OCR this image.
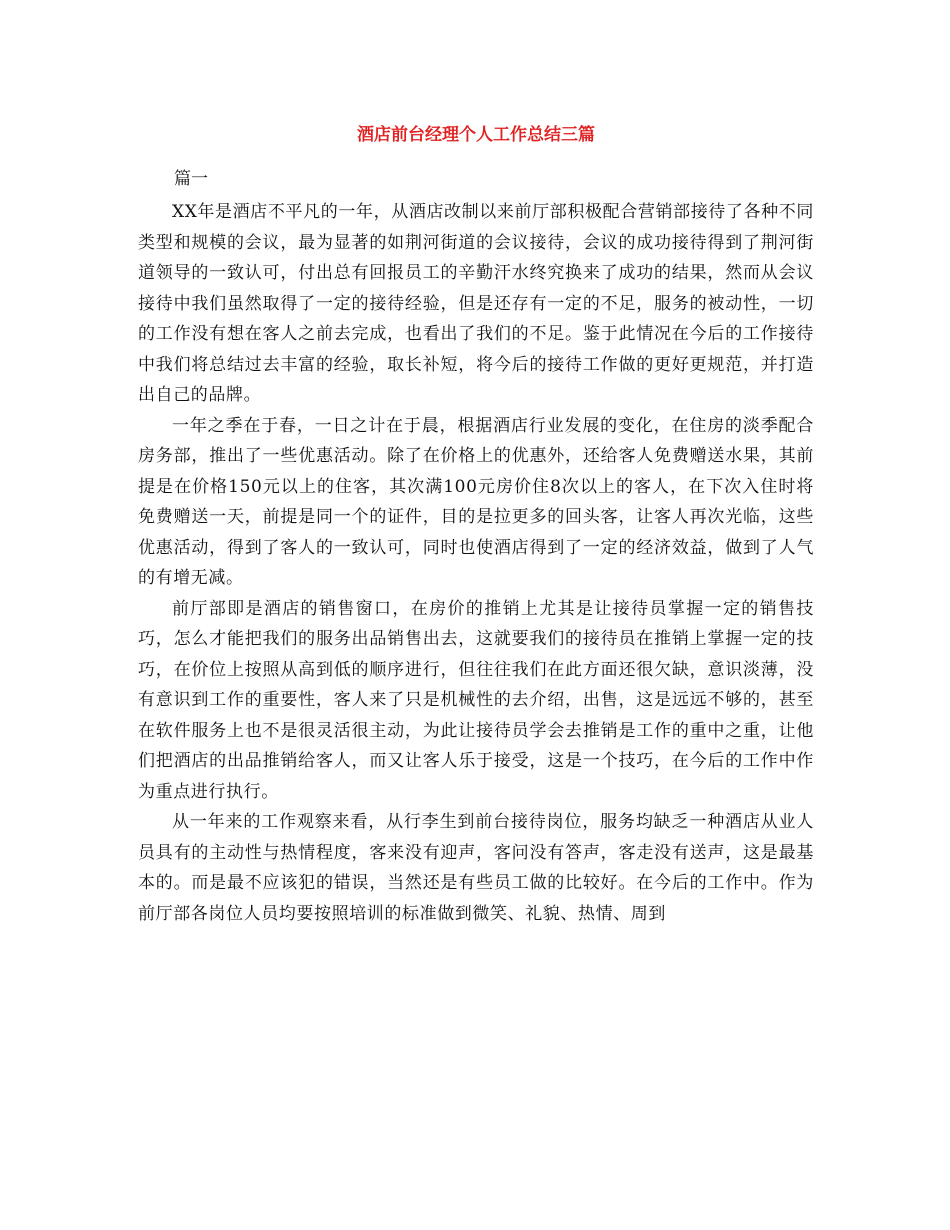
酒店前台经理个人工作总结三篇

篇一

XX年是酒店不平凡的一年，从酒店改制以来前厅部积极配合营销部接待了各种不同类型和规模的会议，最为显著的如荆河街道的会议接待，会议的成功接待得到了荆河街道领导的一致认可，付出总有回报员工的辛勤汗水终究换来了成功的结果，然而从会议接待中我们虽然取得了一定的接待经验，但是还存有一定的不足，服务的被动性，一切的工作没有想在客人之前去完成，也看出了我们的不足。鉴于此情况在今后的工作接待中我们将总结过去丰富的经验，取长补短，将今后的接待工作做的更好更规范，并打造出自己的品牌。

一年之季在于春，一日之计在于晨，根据酒店行业发展的变化，在住房的淡季配合房务部，推出了一些优惠活动。除了在价格上的优惠外，还给客人免费赠送水果，其前提是在价格150元以上的住客，其次满100元房价住8次以上的客人，在下次入住时将免费赠送一天，前提是同一个的证件，目的是拉更多的回头客，让客人再次光临，这些优惠活动，得到了客人的一致认可，同时也使酒店得到了一定的经济效益，做到了人气的有增无减。

前厅部即是酒店的销售窗口，在房价的推销上尤其是让接待员掌握一定的销售技巧，怎么才能把我们的服务出品销售出去，这就要我们的接待员在推销上掌握一定的技巧，在价位上按照从高到低的顺序进行，但往往我们在此方面还很欠缺，意识淡薄，没有意识到工作的重要性，客人来了只是机械性的去介绍，出售，这是远远不够的，甚至在软件服务上也不是很灵活很主动，为此让接待员学会去推销是工作的重中之重，让他们把酒店的出品推销给客人，而又让客人乐于接受，这是一个技巧，在今后的工作中作为重点进行执行。

从一年来的工作观察来看，从行李生到前台接待岗位，服务均缺乏一种酒店从业人员具有的主动性与热情程度，客来没有迎声，客问没有答声，客走没有送声，这是最基本的。而是最不应该犯的错误，当然还是有些员工做的比较好。在今后的工作中。作为前厅部各岗位人员均要按照培训的标准做到微笑、礼貌、热情、周到
